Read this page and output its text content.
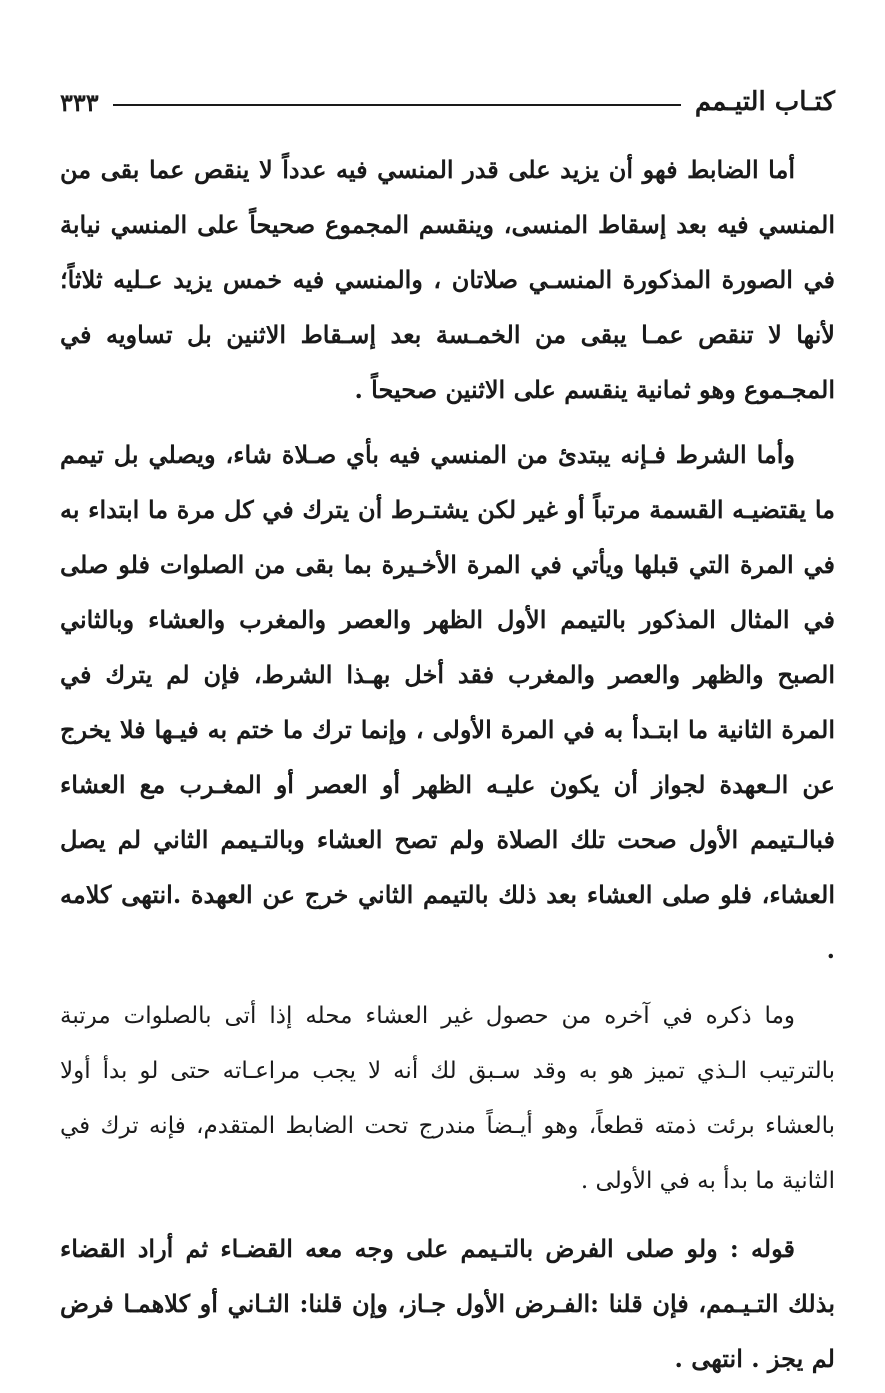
كتـاب التيـمم
٣٣٣

أما الضابط فهو أن يزيد على قدر المنسي فيه عدداً لا ينقص عما بقى من المنسي فيه بعد إسقاط المنسى، وينقسم المجموع صحيحاً على المنسي نيابة في الصورة المذكورة المنسـي صلاتان ، والمنسي فيه خمس يزيد عـليه ثلاثاً؛ لأنها لا تنقص عمـا يبقى من الخمـسة بعد إسـقاط الاثنين بل تساويه في المجـموع وهو ثمانية ينقسم على الاثنين صحيحاً .

وأما الشرط فـإنه يبتدئ من المنسي فيه بأي صـلاة شاء، ويصلي بل تيمم ما يقتضيـه القسمة مرتباً أو غير لكن يشتـرط أن يترك في كل مرة ما ابتداء به في المرة التي قبلها ويأتي في المرة الأخـيرة بما بقى من الصلوات فلو صلى في المثال المذكور بالتيمم الأول الظهر والعصر والمغرب والعشاء وبالثاني الصبح والظهر والعصر والمغرب فقد أخل بهـذا الشرط، فإن لم يترك في المرة الثانية ما ابتـدأ به في المرة الأولى ، وإنما ترك ما ختم به فيـها فلا يخرج عن الـعهدة لجواز أن يكون عليـه الظهر أو العصر أو المغـرب مع العشاء فبالـتيمم الأول صحت تلك الصلاة ولم تصح العشاء وبالتـيمم الثاني لم يصل العشاء، فلو صلى العشاء بعد ذلك بالتيمم الثاني خرج عن العهدة .انتهى كلامه .

وما ذكره في آخره من حصول غير العشاء محله إذا أتى بالصلوات مرتبة بالترتيب الـذي تميز هو به وقد سـبق لك أنه لا يجب مراعـاته حتى لو بدأ أولا بالعشاء برئت ذمته قطعاً، وهو أيـضاً مندرج تحت الضابط المتقدم، فإنه ترك في الثانية ما بدأ به في الأولى .

قوله : ولو صلى الفرض بالتـيمم على وجه معه القضـاء ثم أراد القضاء بذلك التـيـمم، فإن قلنا :الفـرض الأول جـاز، وإن قلنا: الثـاني أو كلاهمـا فرض لم يجز . انتهى .
